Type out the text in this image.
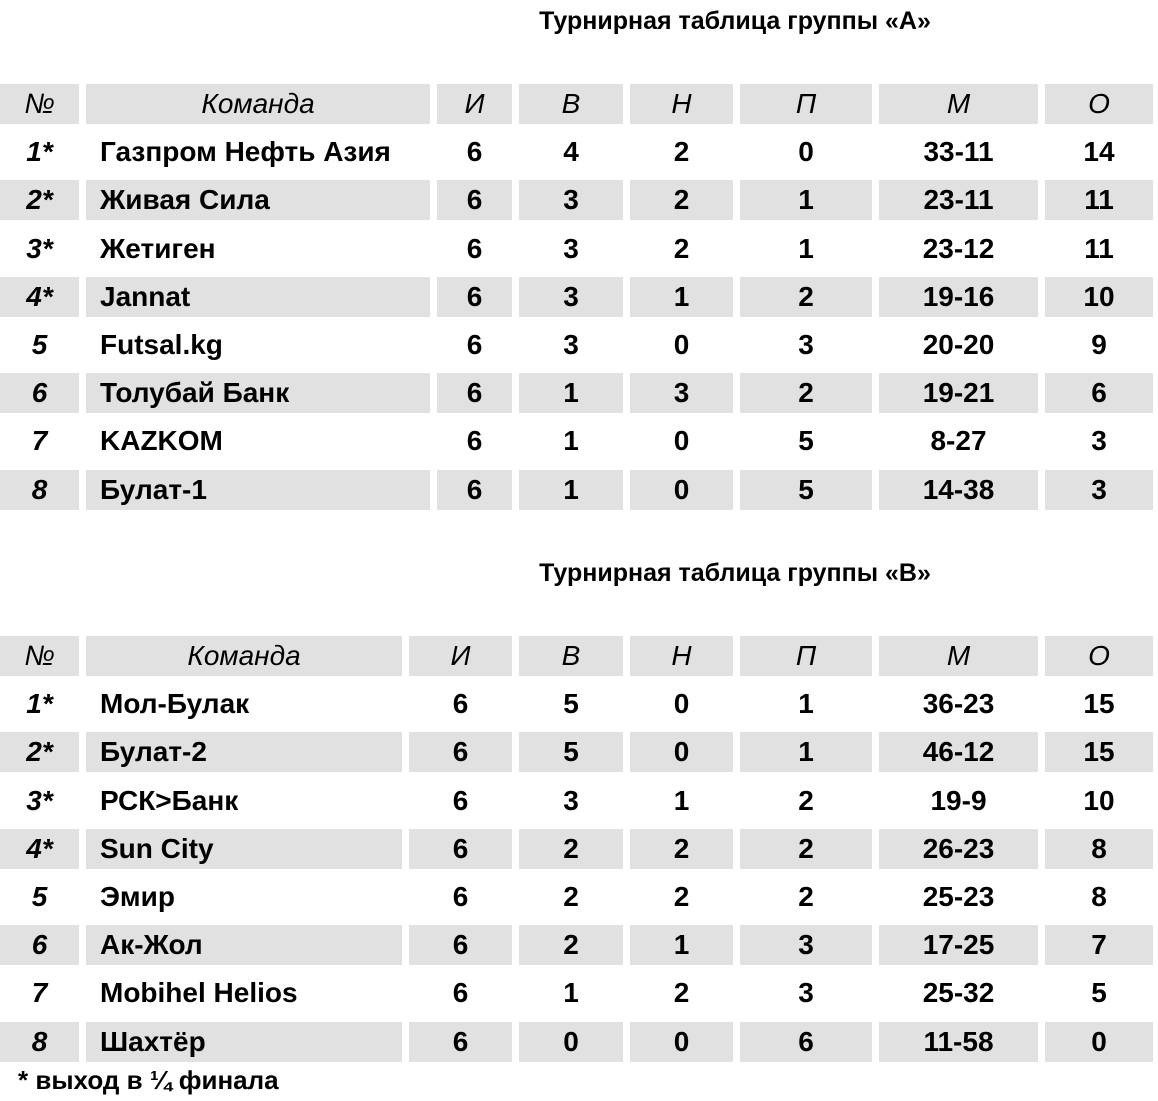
Турнирная таблица группы «А»
№	Команда	И	В	Н	П	М	О
1*	Газпром Нефть Азия	6	4	2	0	33-11	14
2*	Живая Сила	6	3	2	1	23-11	11
3*	Жетиген	6	3	2	1	23-12	11
4*	Jannat	6	3	1	2	19-16	10
5	Futsal.kg	6	3	0	3	20-20	9
6	Толубай Банк	6	1	3	2	19-21	6
7	KAZKOM	6	1	0	5	8-27	3
8	Булат-1	6	1	0	5	14-38	3
Турнирная таблица группы «В»
№	Команда	И	В	Н	П	М	О
1*	Мол-Булак	6	5	0	1	36-23	15
2*	Булат-2	6	5	0	1	46-12	15
3*	РСК>Банк	6	3	1	2	19-9	10
4*	Sun City	6	2	2	2	26-23	8
5	Эмир	6	2	2	2	25-23	8
6	Ак-Жол	6	2	1	3	17-25	7
7	Mobihel Helios	6	1	2	3	25-32	5
8	Шахтёр	6	0	0	6	11-58	0
* выход в ¼ финала
